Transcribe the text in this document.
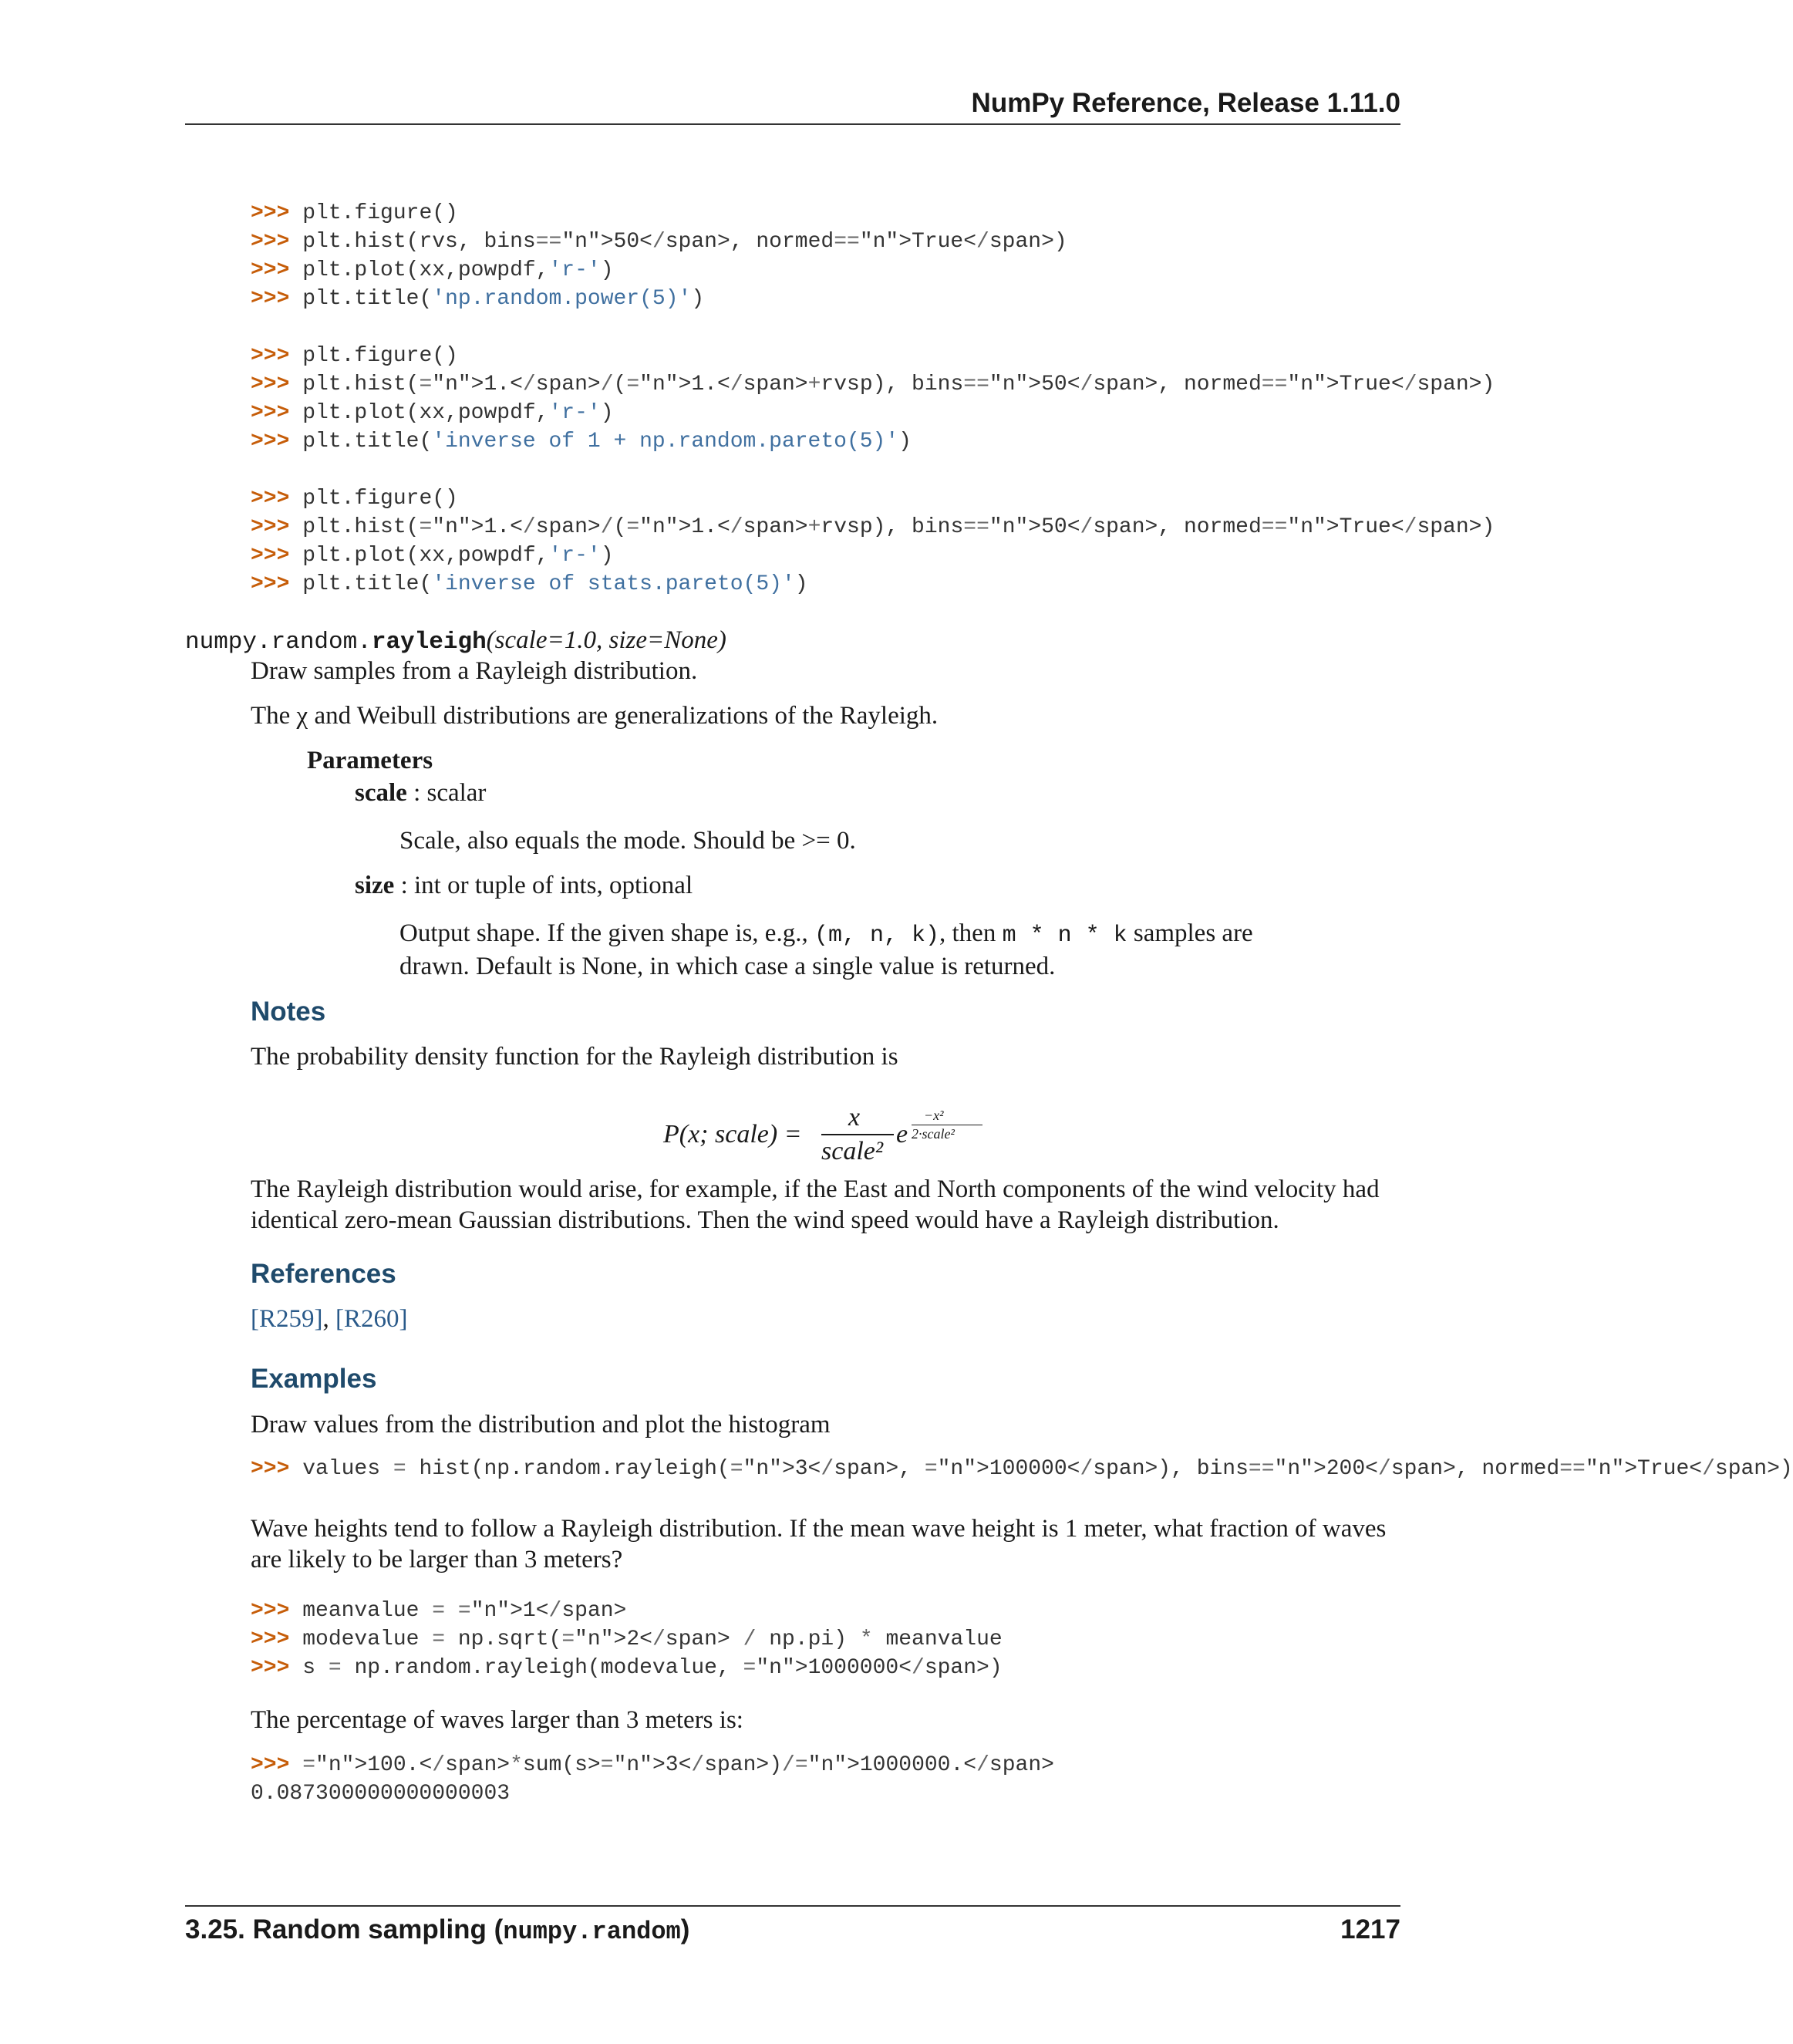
NumPy Reference, Release 1.11.0
>>> plt.figure()
>>> plt.hist(rvs, bins=="n">50</span>, normed=="n">True</span>)
>>> plt.plot(xx,powpdf,'r-')
>>> plt.title('np.random.power(5)')
>>> plt.figure()
>>> plt.hist(="n">1.</span>/(="n">1.</span>+rvsp), bins=="n">50</span>, normed=="n">True</span>)
>>> plt.plot(xx,powpdf,'r-')
>>> plt.title('inverse of 1 + np.random.pareto(5)')
>>> plt.figure()
>>> plt.hist(="n">1.</span>/(="n">1.</span>+rvsp), bins=="n">50</span>, normed=="n">True</span>)
>>> plt.plot(xx,powpdf,'r-')
>>> plt.title('inverse of stats.pareto(5)')
numpy.random.rayleigh(scale=1.0, size=None)
Draw samples from a Rayleigh distribution.
The χ and Weibull distributions are generalizations of the Rayleigh.
Parameters
scale : scalar
Scale, also equals the mode. Should be >= 0.
size : int or tuple of ints, optional
Output shape. If the given shape is, e.g., (m, n, k), then m * n * k samples are
drawn. Default is None, in which case a single value is returned.
Notes
The probability density function for the Rayleigh distribution is
P(x; scale) =
x
scale²
e
−x²
2·scale²
The Rayleigh distribution would arise, for example, if the East and North components of the wind velocity had
identical zero-mean Gaussian distributions. Then the wind speed would have a Rayleigh distribution.
References
[R259], [R260]
Examples
Draw values from the distribution and plot the histogram
>>> values = hist(np.random.rayleigh(="n">3</span>, ="n">100000</span>), bins=="n">200</span>, normed=="n">True</span>)
Wave heights tend to follow a Rayleigh distribution. If the mean wave height is 1 meter, what fraction of waves
are likely to be larger than 3 meters?
>>> meanvalue = ="n">1</span>
>>> modevalue = np.sqrt(="n">2</span> / np.pi) * meanvalue
>>> s = np.random.rayleigh(modevalue, ="n">1000000</span>)
The percentage of waves larger than 3 meters is:
>>> ="n">100.</span>*sum(s>="n">3</span>)/="n">1000000.</span>
0.087300000000000003
3.25. Random sampling (numpy.random)	1217
